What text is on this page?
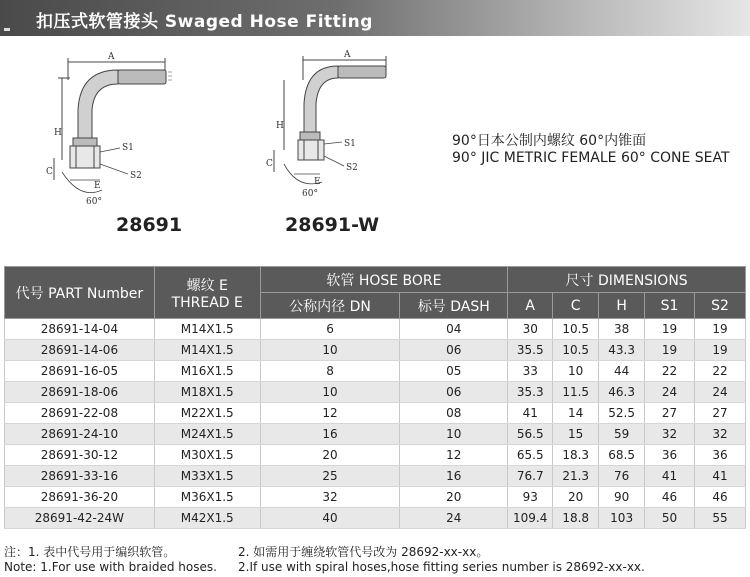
扣压式软管接头 Swaged Hose Fitting
A
H
C
S1
S2
E
60°
A
H
C
S1
S2
E
60°
28691	28691-W
90°日本公制内螺纹 60°内锥面
90° JIC METRIC FEMALE 60° CONE SEAT
代号 PART Number	螺纹 E
THREAD E	软管 HOSE BORE		尺寸 DIMENSIONS				
		公称内径 DN	标号 DASH	A	C	H	S1	S2
28691-14-04	M14X1.5	6	04	30	10.5	38	19	19
28691-14-06	M14X1.5	10	06	35.5	10.5	43.3	19	19
28691-16-05	M16X1.5	8	05	33	10	44	22	22
28691-18-06	M18X1.5	10	06	35.3	11.5	46.3	24	24
28691-22-08	M22X1.5	12	08	41	14	52.5	27	27
28691-24-10	M24X1.5	16	10	56.5	15	59	32	32
28691-30-12	M30X1.5	20	12	65.5	18.3	68.5	36	36
28691-33-16	M33X1.5	25	16	76.7	21.3	76	41	41
28691-36-20	M36X1.5	32	20	93	20	90	46	46
28691-42-24W	M42X1.5	40	24	109.4	18.8	103	50	55
注：1. 表中代号用于编织软管。
Note: 1.For use with braided hoses.
2. 如需用于缠绕软管代号改为 28692-xx-xx。
2.If use with spiral hoses,hose fitting series number is 28692-xx-xx.
